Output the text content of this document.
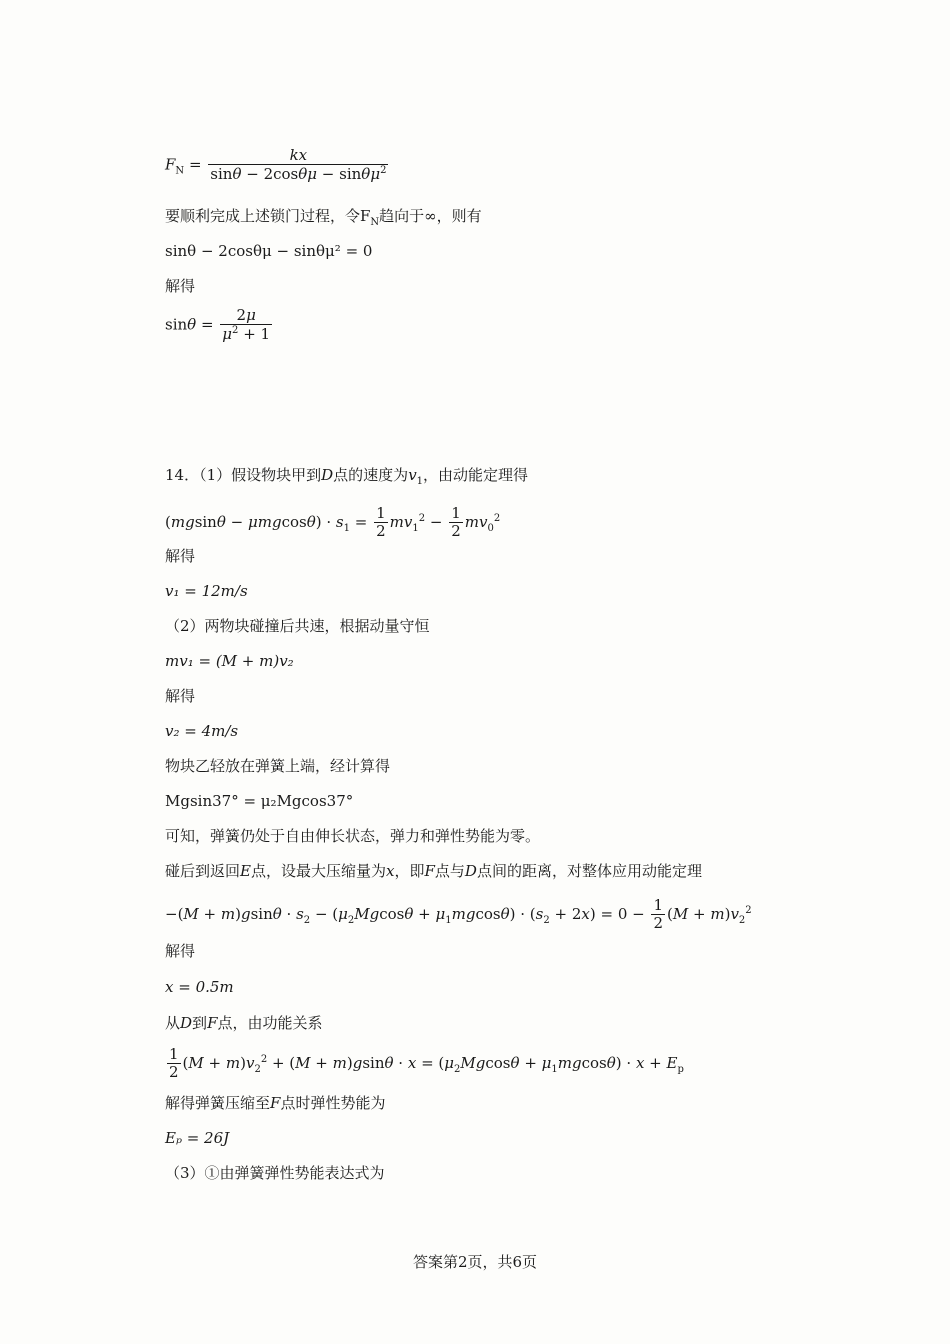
$F_N = \frac{kx}{\sin\theta - 2\cos\theta\mu - \sin\theta\mu^2}$
要顺利完成上述锁门过程，令$F_N$趋向于∞，则有
sinθ − 2cosθμ − sinθμ² = 0
解得
$\sin\theta = \frac{2\mu}{\mu^2 + 1}$
14．（1）假设物块甲到D点的速度为$v_1$，由动能定理得
$(mgsin\theta - \mu mgcos\theta) \cdot s_1 = \frac{1}{2} mv_1^2 - \frac{1}{2} mv_0^2$
解得
v₁ = 12m/s
（2）两物块碰撞后共速，根据动量守恒
mv₁ = (M + m)v₂
解得
v₂ = 4m/s
物块乙轻放在弹簧上端，经计算得
Mgsin37° = μ₂Mgcos37°
可知，弹簧仍处于自由伸长状态，弹力和弹性势能为零。
碰后到返回E点，设最大压缩量为x，即F点与D点间的距离，对整体应用动能定理
$-(M + m)gsin\theta \cdot s_2 - (\mu_2Mgcos\theta + \mu_1mgcos\theta) \cdot (s_2 + 2x) = 0 - \frac{1}{2} (M + m)v_2^2$
解得
x = 0.5m
从D到F点，由功能关系
$\frac{1}{2} (M + m)v_2^2 + (M + m)gsin\theta \cdot x = (\mu_2Mgcos\theta + \mu_1mgcos\theta) \cdot x + E_p$
解得弹簧压缩至F点时弹性势能为
Eₚ = 26J
（3）①由弹簧弹性势能表达式为
答案第2页，共6页
